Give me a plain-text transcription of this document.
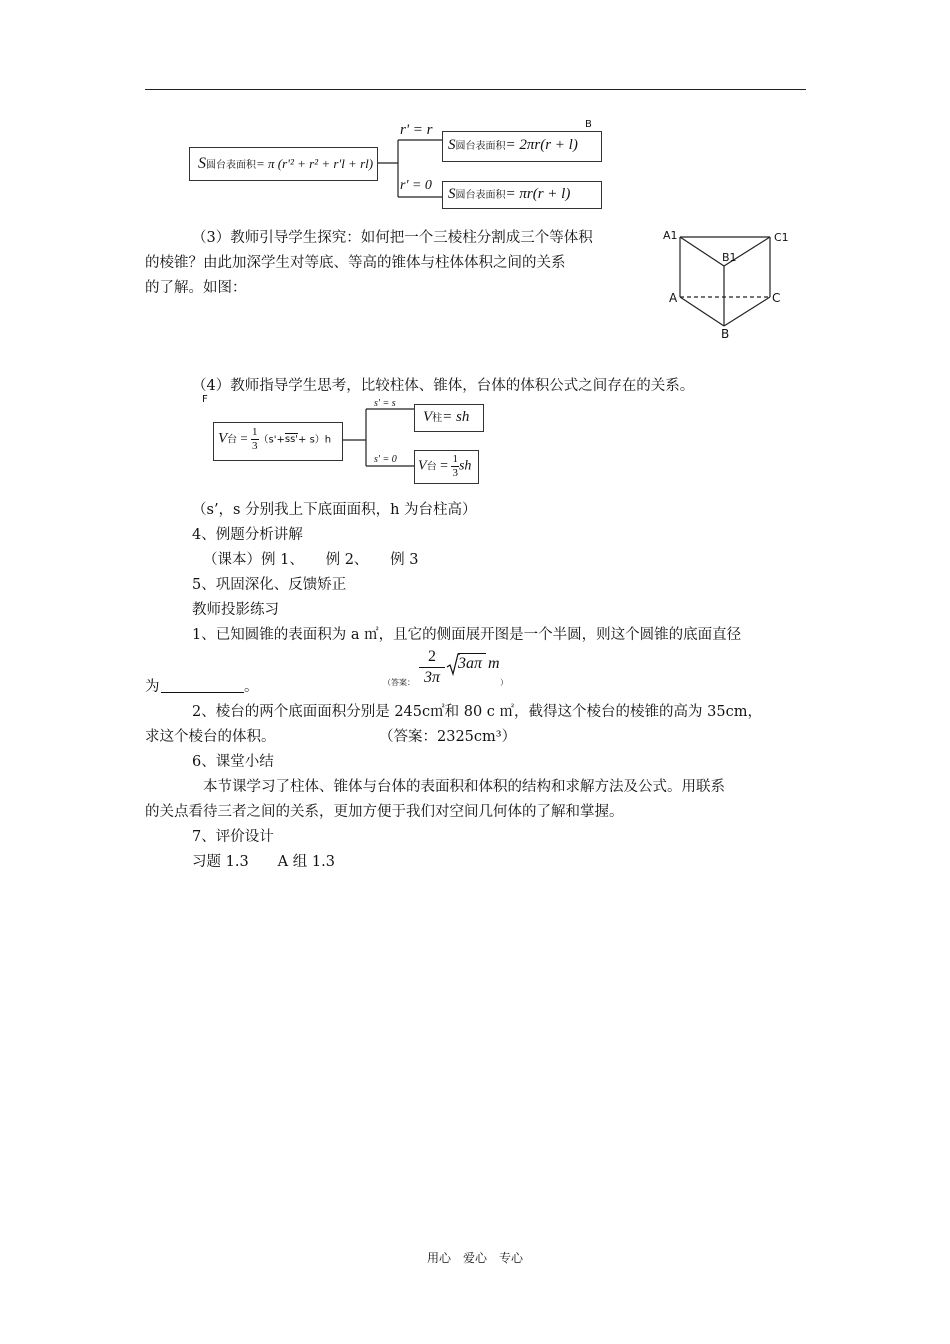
S圆台表面积= π (r'² + r² + r'l + rl)
r' = r	B
S圆台表面积= 2πr(r + l)
r' = 0
S圆台表面积= πr(r + l)
（3）教师引导学生探究：如何把一个三棱柱分割成三个等体积
的棱锥？由此加深学生对等底、等高的锥体与柱体体积之间的关系
的了解。如图：
A1
B1
C1
A
B
C
（4）教师指导学生思考，比较柱体、锥体，台体的体积公式之间存在的关系。
F
V台 = $\frac{1}{3} (s'+ss'+ s)h$
s' = s
V柱= sh
s' = 0 V台 = $\frac{1}{3}$ sh
（s’，s 分别我上下底面面积，h 为台柱高）
4、例题分析讲解
（课本）例 1、　　例 2、　　例 3
5、巩固深化、反馈矫正
教师投影练习
1、已知圆锥的表面积为 a ㎡，且它的侧面展开图是一个半圆，则这个圆锥的底面直径
为	。	（答案：
2
3π
3aπ m
）
2、棱台的两个底面面积分别是 245c㎡和 80 c ㎡，截得这个棱台的棱锥的高为 35cm，
求这个棱台的体积。	（答案：2325cm³）
6、课堂小结
本节课学习了柱体、锥体与台体的表面积和体积的结构和求解方法及公式。用联系
的关点看待三者之间的关系，更加方便于我们对空间几何体的了解和掌握。
7、评价设计
习题 1.3　　A 组 1.3
用心　爱心　专心
